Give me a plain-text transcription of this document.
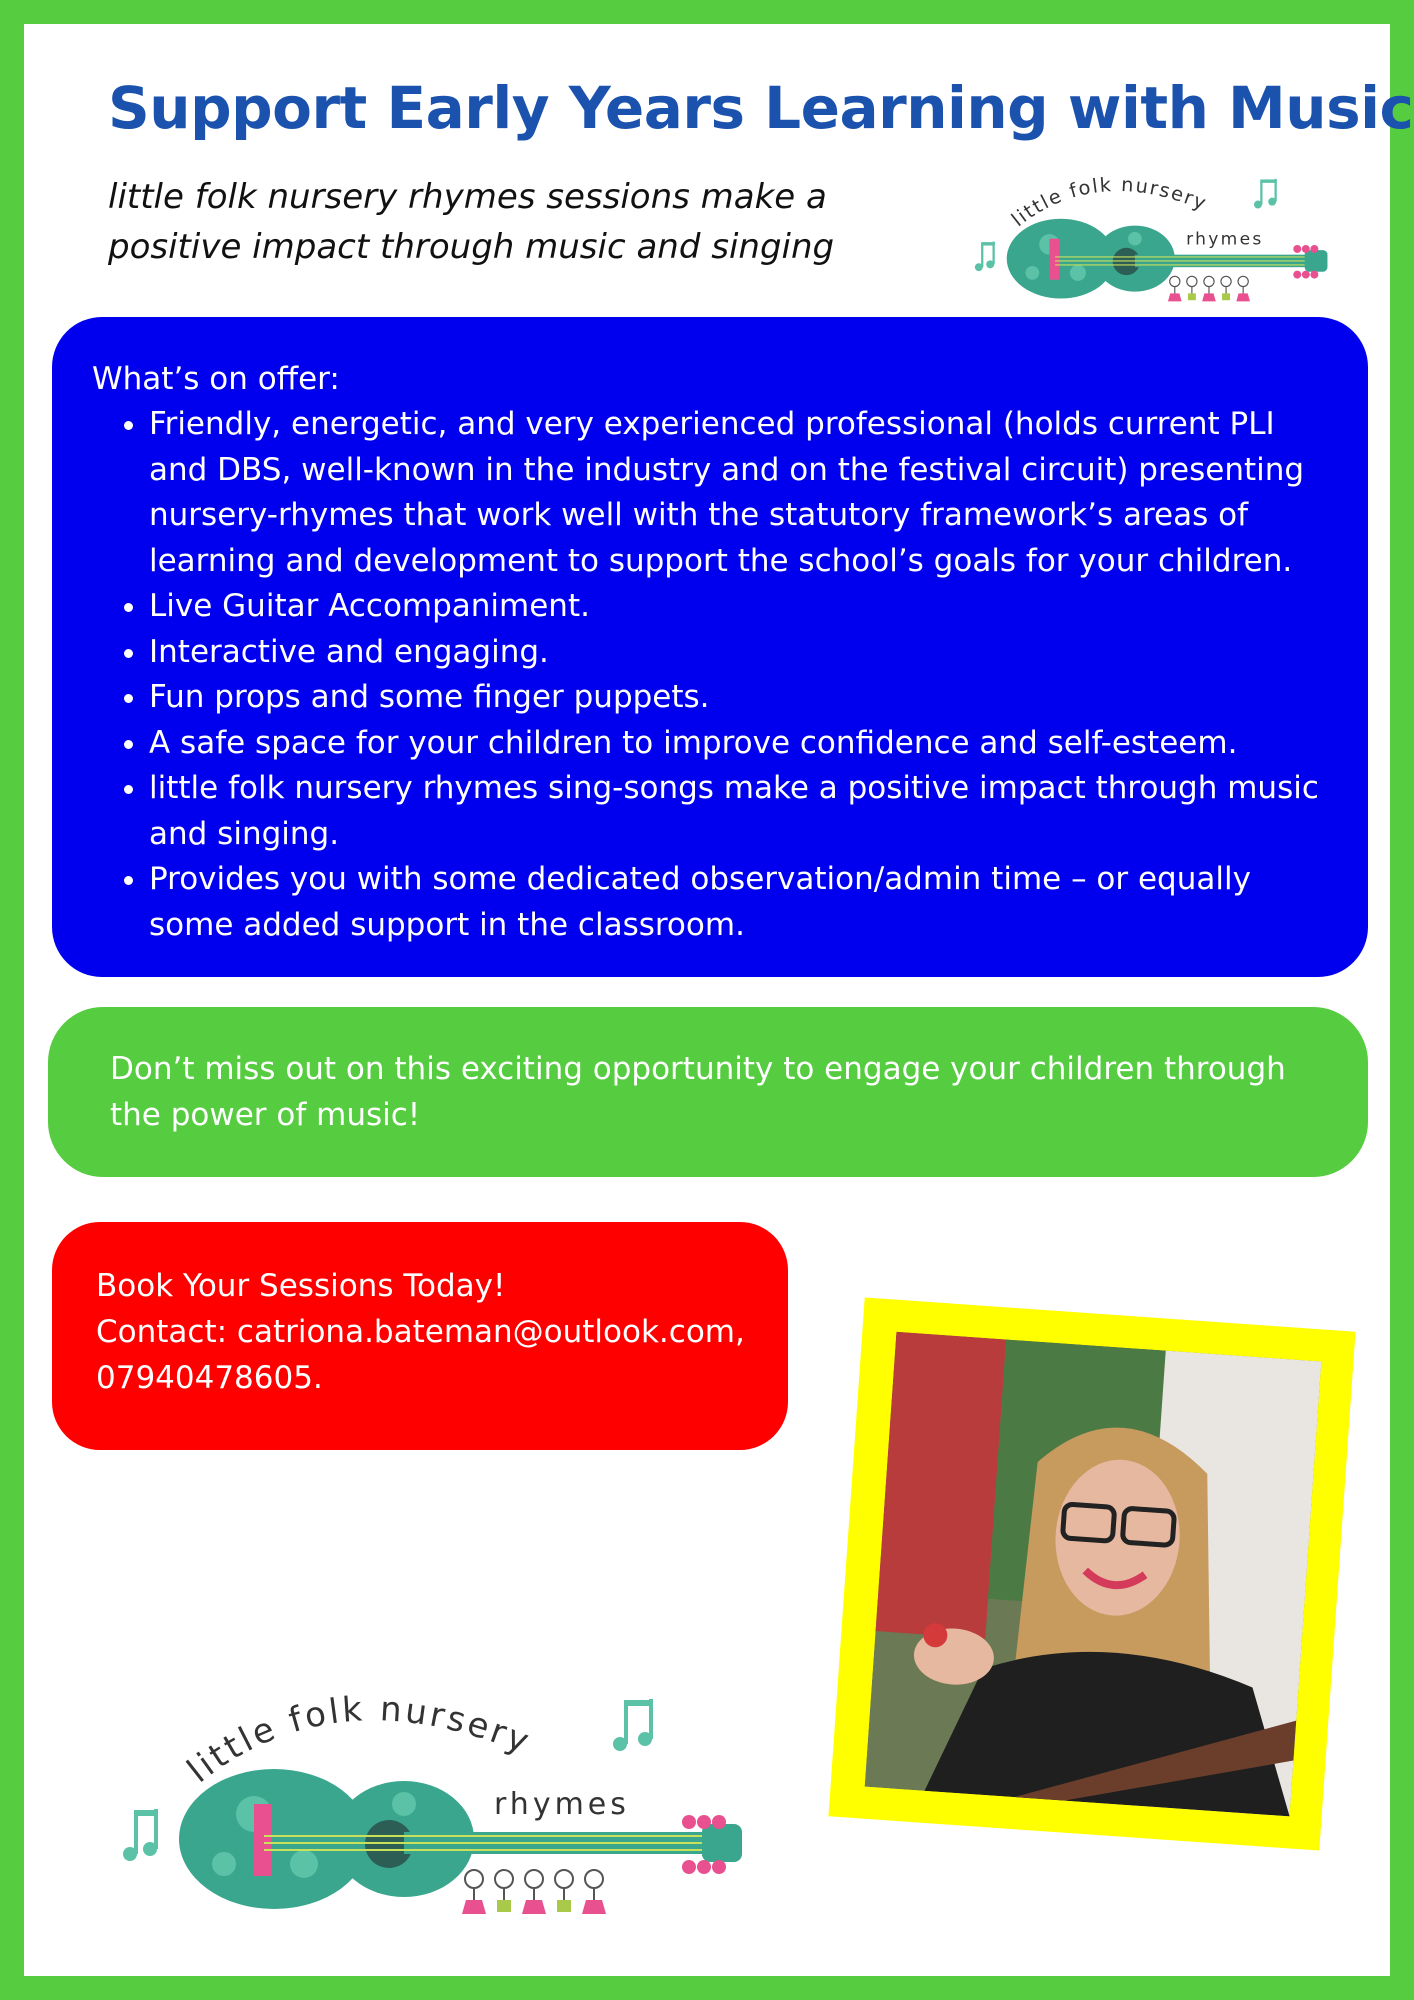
Support Early Years Learning with Music
little folk nursery rhymes sessions make a
positive impact through music and singing
little folk nursery
rhymes
What’s on offer:
• Friendly, energetic, and very experienced professional (holds current PLI and DBS, well-known in the industry and on the festival circuit) presenting nursery-rhymes that work well with the statutory framework’s areas of learning and development to support the school’s goals for your children.
• Live Guitar Accompaniment.
• Interactive and engaging.
• Fun props and some finger puppets.
• A safe space for your children to improve confidence and self-esteem.
• little folk nursery rhymes sing-songs make a positive impact through music and singing.
• Provides you with some dedicated observation/admin time – or equally some added support in the classroom.

Don’t miss out on this exciting opportunity to engage your children through the power of music!

Book Your Sessions Today!
Contact: catriona.bateman@outlook.com,
07940478605.
little folk nursery
rhymes
